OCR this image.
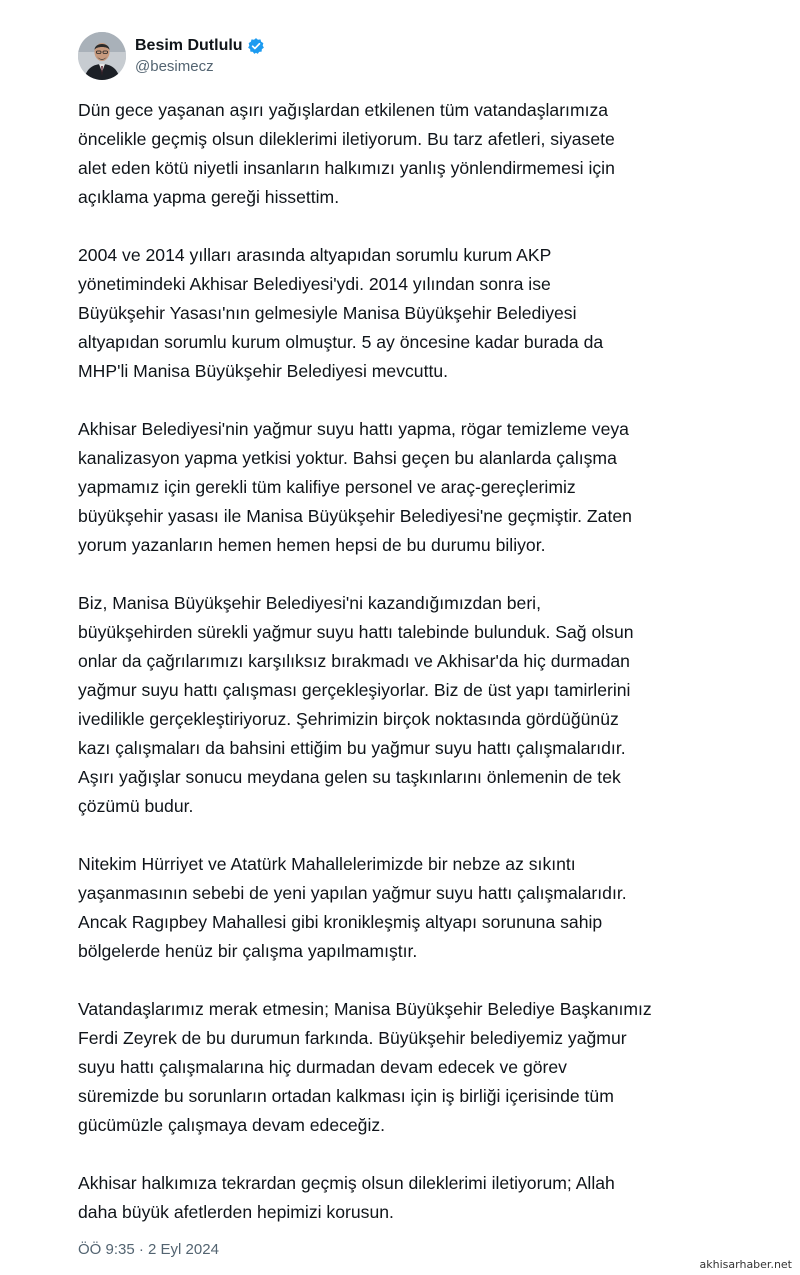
Besim Dutlulu
@besimecz

Dün gece yaşanan aşırı yağışlardan etkilenen tüm vatandaşlarımıza
öncelikle geçmiş olsun dileklerimi iletiyorum. Bu tarz afetleri, siyasete
alet eden kötü niyetli insanların halkımızı yanlış yönlendirmemesi için
açıklama yapma gereği hissettim.

2004 ve 2014 yılları arasında altyapıdan sorumlu kurum AKP
yönetimindeki Akhisar Belediyesi'ydi. 2014 yılından sonra ise
Büyükşehir Yasası'nın gelmesiyle Manisa Büyükşehir Belediyesi
altyapıdan sorumlu kurum olmuştur. 5 ay öncesine kadar burada da
MHP'li Manisa Büyükşehir Belediyesi mevcuttu.

Akhisar Belediyesi'nin yağmur suyu hattı yapma, rögar temizleme veya
kanalizasyon yapma yetkisi yoktur. Bahsi geçen bu alanlarda çalışma
yapmamız için gerekli tüm kalifiye personel ve araç-gereçlerimiz
büyükşehir yasası ile Manisa Büyükşehir Belediyesi'ne geçmiştir. Zaten
yorum yazanların hemen hemen hepsi de bu durumu biliyor.

Biz, Manisa Büyükşehir Belediyesi'ni kazandığımızdan beri,
büyükşehirden sürekli yağmur suyu hattı talebinde bulunduk. Sağ olsun
onlar da çağrılarımızı karşılıksız bırakmadı ve Akhisar'da hiç durmadan
yağmur suyu hattı çalışması gerçekleşiyorlar. Biz de üst yapı tamirlerini
ivedilikle gerçekleştiriyoruz. Şehrimizin birçok noktasında gördüğünüz
kazı çalışmaları da bahsini ettiğim bu yağmur suyu hattı çalışmalarıdır.
Aşırı yağışlar sonucu meydana gelen su taşkınlarını önlemenin de tek
çözümü budur.

Nitekim Hürriyet ve Atatürk Mahallelerimizde bir nebze az sıkıntı
yaşanmasının sebebi de yeni yapılan yağmur suyu hattı çalışmalarıdır.
Ancak Ragıpbey Mahallesi gibi kronikleşmiş altyapı sorununa sahip
bölgelerde henüz bir çalışma yapılmamıştır.

Vatandaşlarımız merak etmesin; Manisa Büyükşehir Belediye Başkanımız
Ferdi Zeyrek de bu durumun farkında. Büyükşehir belediyemiz yağmur
suyu hattı çalışmalarına hiç durmadan devam edecek ve görev
süremizde bu sorunların ortadan kalkması için iş birliği içerisinde tüm
gücümüzle çalışmaya devam edeceğiz.

Akhisar halkımıza tekrardan geçmiş olsun dileklerimi iletiyorum; Allah
daha büyük afetlerden hepimizi korusun.

ÖÖ 9:35 · 2 Eyl 2024
akhisarhaber.net
